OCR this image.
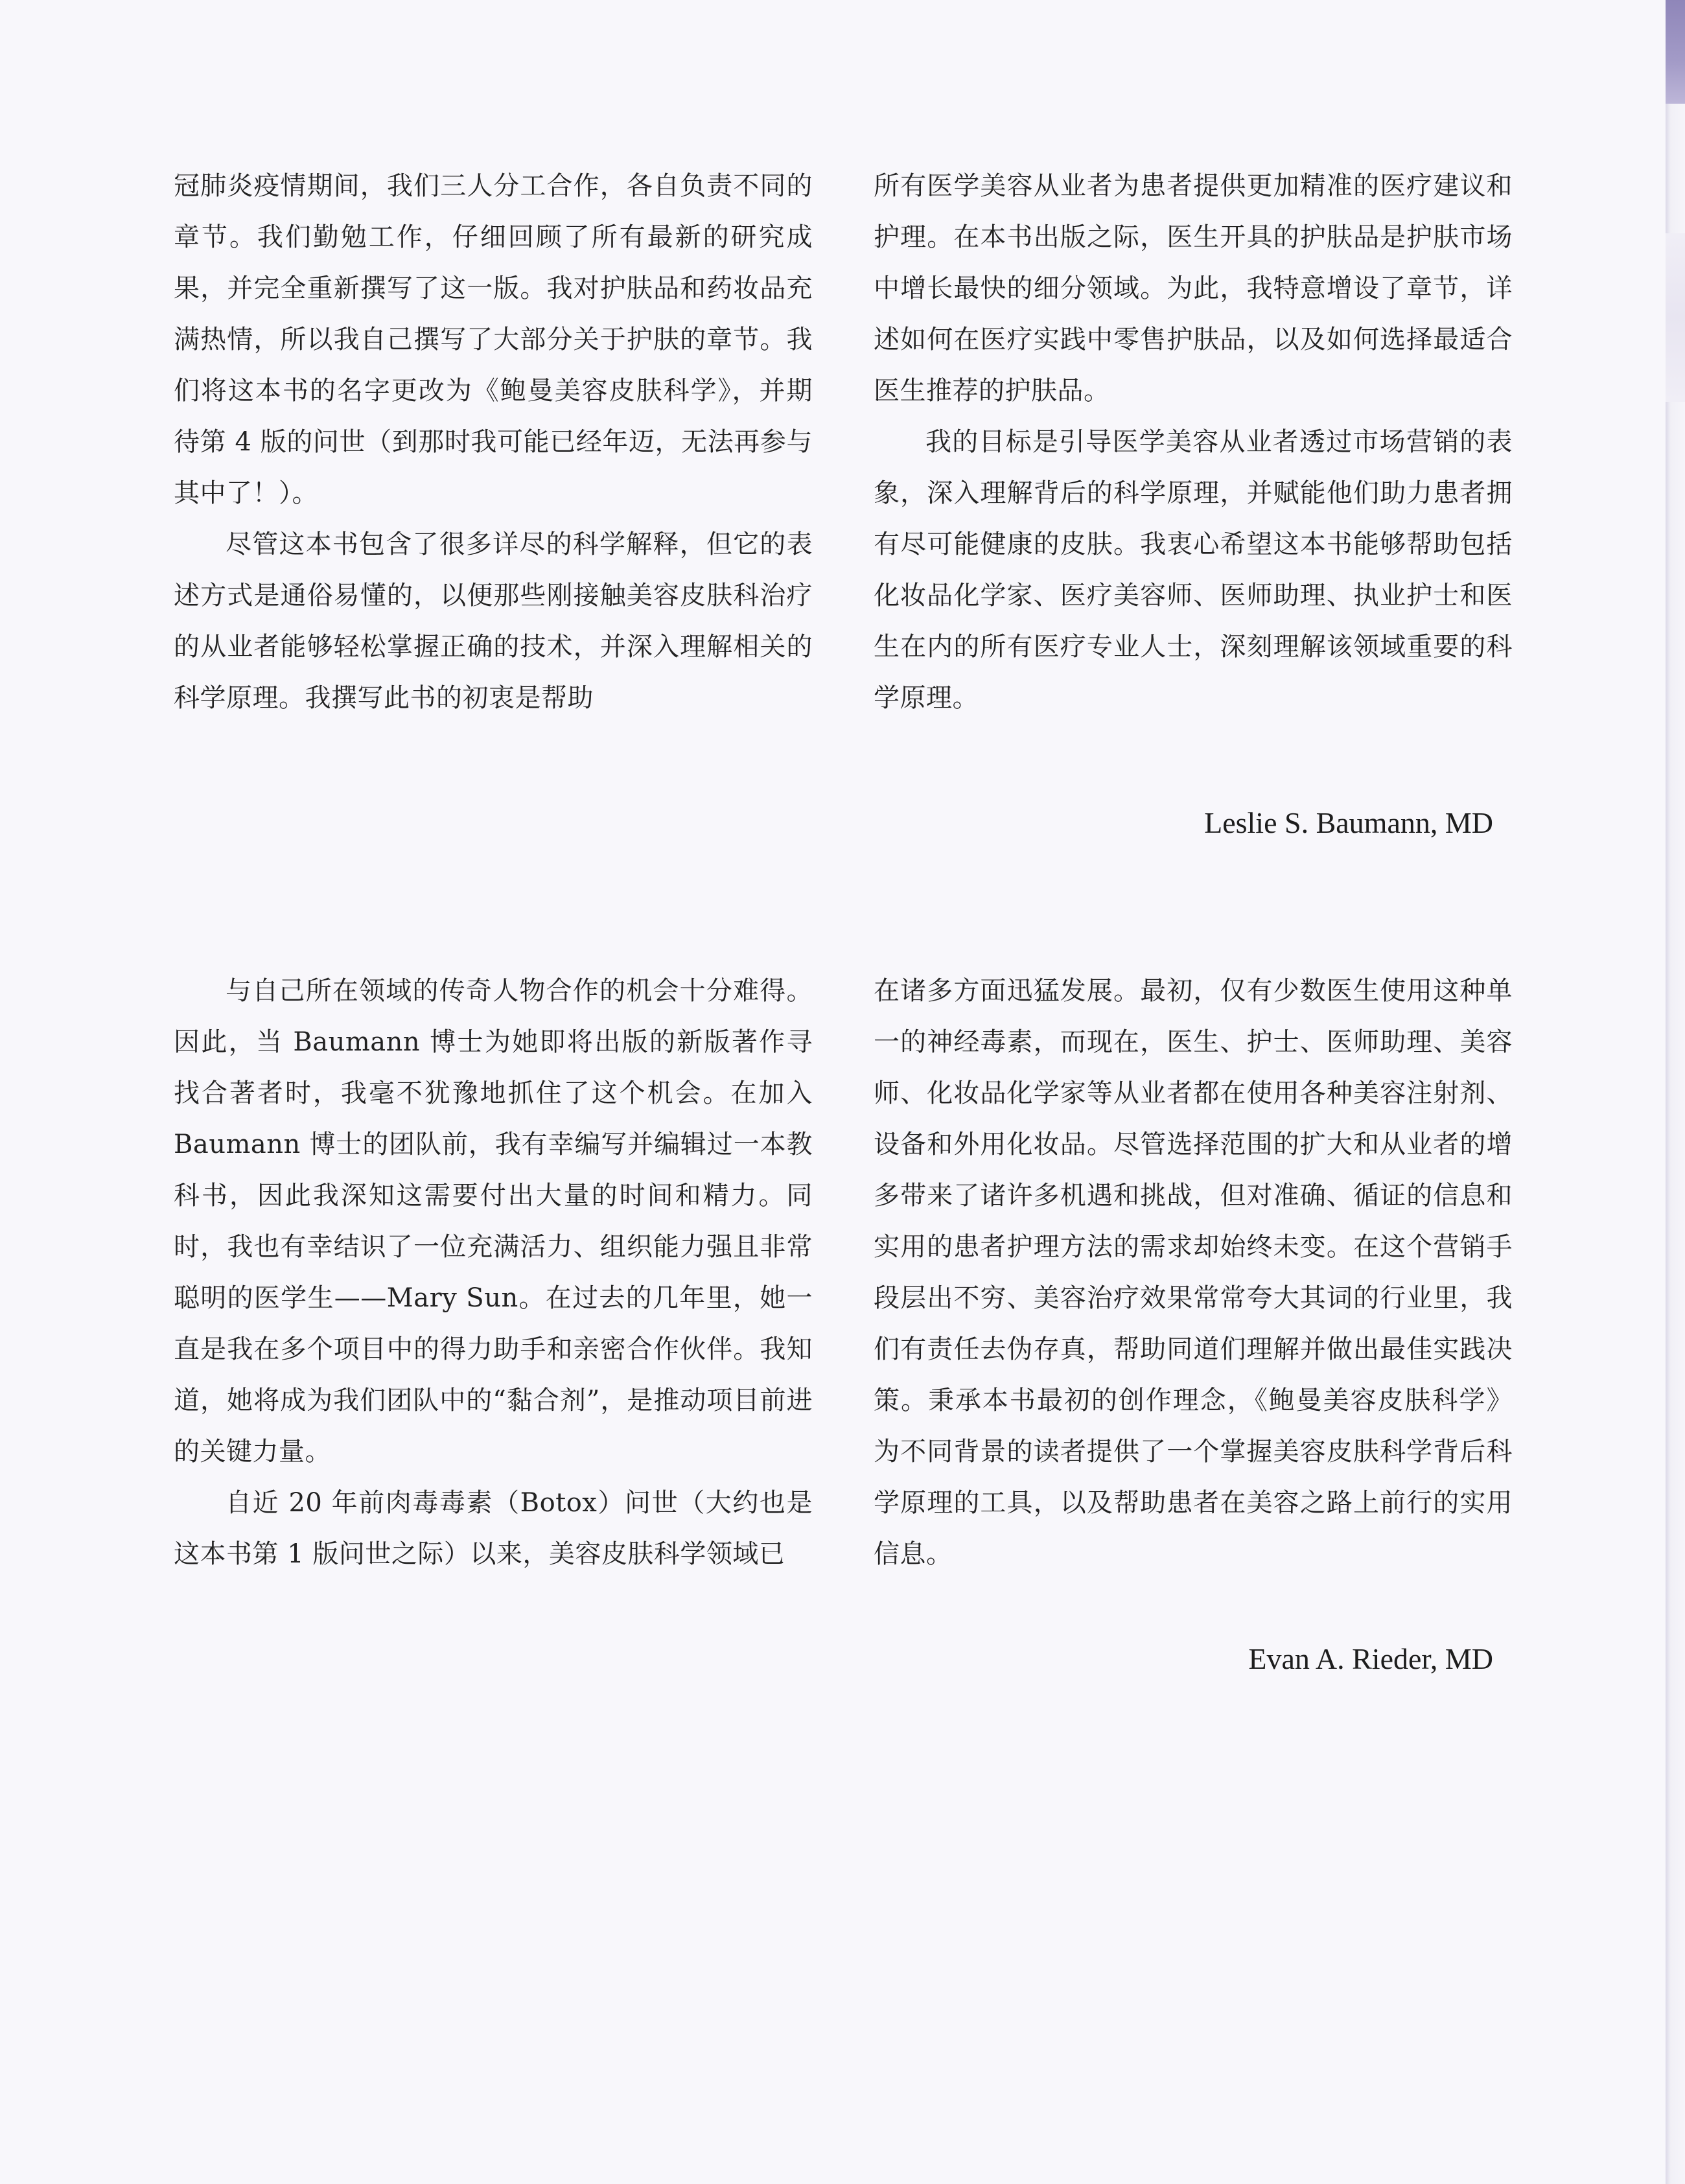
冠肺炎疫情期间，我们三人分工合作，各自负责不同的章节。我们勤勉工作，仔细回顾了所有最新的研究成果，并完全重新撰写了这一版。我对护肤品和药妆品充满热情，所以我自己撰写了大部分关于护肤的章节。我们将这本书的名字更改为《鲍曼美容皮肤科学》，并期待第 4 版的问世（到那时我可能已经年迈，无法再参与其中了！）。

尽管这本书包含了很多详尽的科学解释，但它的表述方式是通俗易懂的，以便那些刚接触美容皮肤科治疗的从业者能够轻松掌握正确的技术，并深入理解相关的科学原理。我撰写此书的初衷是帮助

所有医学美容从业者为患者提供更加精准的医疗建议和护理。在本书出版之际，医生开具的护肤品是护肤市场中增长最快的细分领域。为此，我特意增设了章节，详述如何在医疗实践中零售护肤品，以及如何选择最适合医生推荐的护肤品。

我的目标是引导医学美容从业者透过市场营销的表象，深入理解背后的科学原理，并赋能他们助力患者拥有尽可能健康的皮肤。我衷心希望这本书能够帮助包括化妆品化学家、医疗美容师、医师助理、执业护士和医生在内的所有医疗专业人士，深刻理解该领域重要的科学原理。

Leslie S. Baumann, MD

与自己所在领域的传奇人物合作的机会十分难得。因此，当 Baumann 博士为她即将出版的新版著作寻找合著者时，我毫不犹豫地抓住了这个机会。在加入 Baumann 博士的团队前，我有幸编写并编辑过一本教科书，因此我深知这需要付出大量的时间和精力。同时，我也有幸结识了一位充满活力、组织能力强且非常聪明的医学生——Mary Sun。在过去的几年里，她一直是我在多个项目中的得力助手和亲密合作伙伴。我知道，她将成为我们团队中的“黏合剂”，是推动项目前进的关键力量。

自近 20 年前肉毒毒素（Botox）问世（大约也是这本书第 1 版问世之际）以来，美容皮肤科学领域已

在诸多方面迅猛发展。最初，仅有少数医生使用这种单一的神经毒素，而现在，医生、护士、医师助理、美容师、化妆品化学家等从业者都在使用各种美容注射剂、设备和外用化妆品。尽管选择范围的扩大和从业者的增多带来了诸许多机遇和挑战，但对准确、循证的信息和实用的患者护理方法的需求却始终未变。在这个营销手段层出不穷、美容治疗效果常常夸大其词的行业里，我们有责任去伪存真，帮助同道们理解并做出最佳实践决策。秉承本书最初的创作理念，《鲍曼美容皮肤科学》为不同背景的读者提供了一个掌握美容皮肤科学背后科学原理的工具，以及帮助患者在美容之路上前行的实用信息。

Evan A. Rieder, MD
